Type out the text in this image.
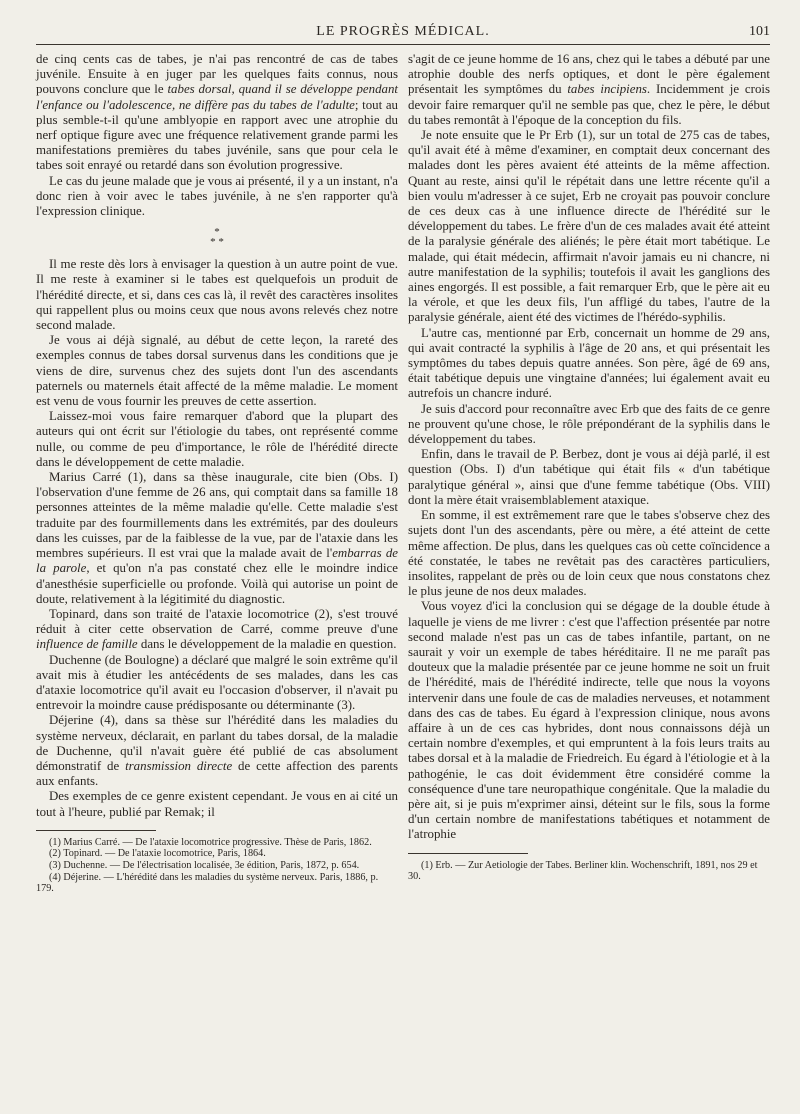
LE PROGRÈS MÉDICAL.	101

de cinq cents cas de tabes, je n'ai pas rencontré de cas de tabes juvénile. Ensuite à en juger par les quelques faits connus, nous pouvons conclure que le tabes dorsal, quand il se développe pendant l'enfance ou l'adolescence, ne diffère pas du tabes de l'adulte; tout au plus semble-t-il qu'une amblyopie en rapport avec une atrophie du nerf optique figure avec une fréquence relativement grande parmi les manifestations premières du tabes juvénile, sans que pour cela le tabes soit enrayé ou retardé dans son évolution progressive.

Le cas du jeune malade que je vous ai présenté, il y a un instant, n'a donc rien à voir avec le tabes juvénile, à ne s'en rapporter qu'à l'expression clinique.

*
* *

Il me reste dès lors à envisager la question à un autre point de vue. Il me reste à examiner si le tabes est quelquefois un produit de l'hérédité directe, et si, dans ces cas là, il revêt des caractères insolites qui rappellent plus ou moins ceux que nous avons relevés chez notre second malade.

Je vous ai déjà signalé, au début de cette leçon, la rareté des exemples connus de tabes dorsal survenus dans les conditions que je viens de dire, survenus chez des sujets dont l'un des ascendants paternels ou maternels était affecté de la même maladie. Le moment est venu de vous fournir les preuves de cette assertion.

Laissez-moi vous faire remarquer d'abord que la plupart des auteurs qui ont écrit sur l'étiologie du tabes, ont représenté comme nulle, ou comme de peu d'importance, le rôle de l'hérédité directe dans le développement de cette maladie.

Marius Carré (1), dans sa thèse inaugurale, cite bien (Obs. I) l'observation d'une femme de 26 ans, qui comptait dans sa famille 18 personnes atteintes de la même maladie qu'elle. Cette maladie s'est traduite par des fourmillements dans les extrémités, par des douleurs dans les cuisses, par de la faiblesse de la vue, par de l'ataxie dans les membres supérieurs. Il est vrai que la malade avait de l'embarras de la parole, et qu'on n'a pas constaté chez elle le moindre indice d'anesthésie superficielle ou profonde. Voilà qui autorise un point de doute, relativement à la légitimité du diagnostic.

Topinard, dans son traité de l'ataxie locomotrice (2), s'est trouvé réduit à citer cette observation de Carré, comme preuve d'une influence de famille dans le développement de la maladie en question.

Duchenne (de Boulogne) a déclaré que malgré le soin extrême qu'il avait mis à étudier les antécédents de ses malades, dans les cas d'ataxie locomotrice qu'il avait eu l'occasion d'observer, il n'avait pu entrevoir la moindre cause prédisposante ou déterminante (3).

Déjerine (4), dans sa thèse sur l'hérédité dans les maladies du système nerveux, déclarait, en parlant du tabes dorsal, de la maladie de Duchenne, qu'il n'avait guère été publié de cas absolument démonstratif de transmission directe de cette affection des parents aux enfants.

Des exemples de ce genre existent cependant. Je vous en ai cité un tout à l'heure, publié par Remak; il

(1) Marius Carré. — De l'ataxie locomotrice progressive. Thèse de Paris, 1862.

(2) Topinard. — De l'ataxie locomotrice, Paris, 1864.

(3) Duchenne. — De l'électrisation localisée, 3e édition, Paris, 1872, p. 654.

(4) Déjerine. — L'hérédité dans les maladies du système nerveux. Paris, 1886, p. 179.

s'agit de ce jeune homme de 16 ans, chez qui le tabes a débuté par une atrophie double des nerfs optiques, et dont le père également présentait les symptômes du tabes incipiens. Incidemment je crois devoir faire remarquer qu'il ne semble pas que, chez le père, le début du tabes remontât à l'époque de la conception du fils.

Je note ensuite que le Pr Erb (1), sur un total de 275 cas de tabes, qu'il avait été à même d'examiner, en comptait deux concernant des malades dont les pères avaient été atteints de la même affection. Quant au reste, ainsi qu'il le répétait dans une lettre récente qu'il a bien voulu m'adresser à ce sujet, Erb ne croyait pas pouvoir conclure de ces deux cas à une influence directe de l'hérédité sur le développement du tabes. Le frère d'un de ces malades avait été atteint de la paralysie générale des aliénés; le père était mort tabétique. Le malade, qui était médecin, affirmait n'avoir jamais eu ni chancre, ni autre manifestation de la syphilis; toutefois il avait les ganglions des aines engorgés. Il est possible, a fait remarquer Erb, que le père ait eu la vérole, et que les deux fils, l'un affligé du tabes, l'autre de la paralysie générale, aient été des victimes de l'hérédo-syphilis.

L'autre cas, mentionné par Erb, concernait un homme de 29 ans, qui avait contracté la syphilis à l'âge de 20 ans, et qui présentait les symptômes du tabes depuis quatre années. Son père, âgé de 69 ans, était tabétique depuis une vingtaine d'années; lui également avait eu autrefois un chancre induré.

Je suis d'accord pour reconnaître avec Erb que des faits de ce genre ne prouvent qu'une chose, le rôle prépondérant de la syphilis dans le développement du tabes.

Enfin, dans le travail de P. Berbez, dont je vous ai déjà parlé, il est question (Obs. I) d'un tabétique qui était fils « d'un tabétique paralytique général », ainsi que d'une femme tabétique (Obs. VIII) dont la mère était vraisemblablement ataxique.

En somme, il est extrêmement rare que le tabes s'observe chez des sujets dont l'un des ascendants, père ou mère, a été atteint de cette même affection. De plus, dans les quelques cas où cette coïncidence a été constatée, le tabes ne revêtait pas des caractères particuliers, insolites, rappelant de près ou de loin ceux que nous constatons chez le plus jeune de nos deux malades.

Vous voyez d'ici la conclusion qui se dégage de la double étude à laquelle je viens de me livrer : c'est que l'affection présentée par notre second malade n'est pas un cas de tabes infantile, partant, on ne saurait y voir un exemple de tabes héréditaire. Il ne me paraît pas douteux que la maladie présentée par ce jeune homme ne soit un fruit de l'hérédité, mais de l'hérédité indirecte, telle que nous la voyons intervenir dans une foule de cas de maladies nerveuses, et notamment dans des cas de tabes. Eu égard à l'expression clinique, nous avons affaire à un de ces cas hybrides, dont nous connaissons déjà un certain nombre d'exemples, et qui empruntent à la fois leurs traits au tabes dorsal et à la maladie de Friedreich. Eu égard à l'étiologie et à la pathogénie, le cas doit évidemment être considéré comme la conséquence d'une tare neuropathique congénitale. Que la maladie du père ait, si je puis m'exprimer ainsi, déteint sur le fils, sous la forme d'un certain nombre de manifestations tabétiques et notamment de l'atrophie

(1) Erb. — Zur Aetiologie der Tabes. Berliner klin. Wochenschrift, 1891, nos 29 et 30.
